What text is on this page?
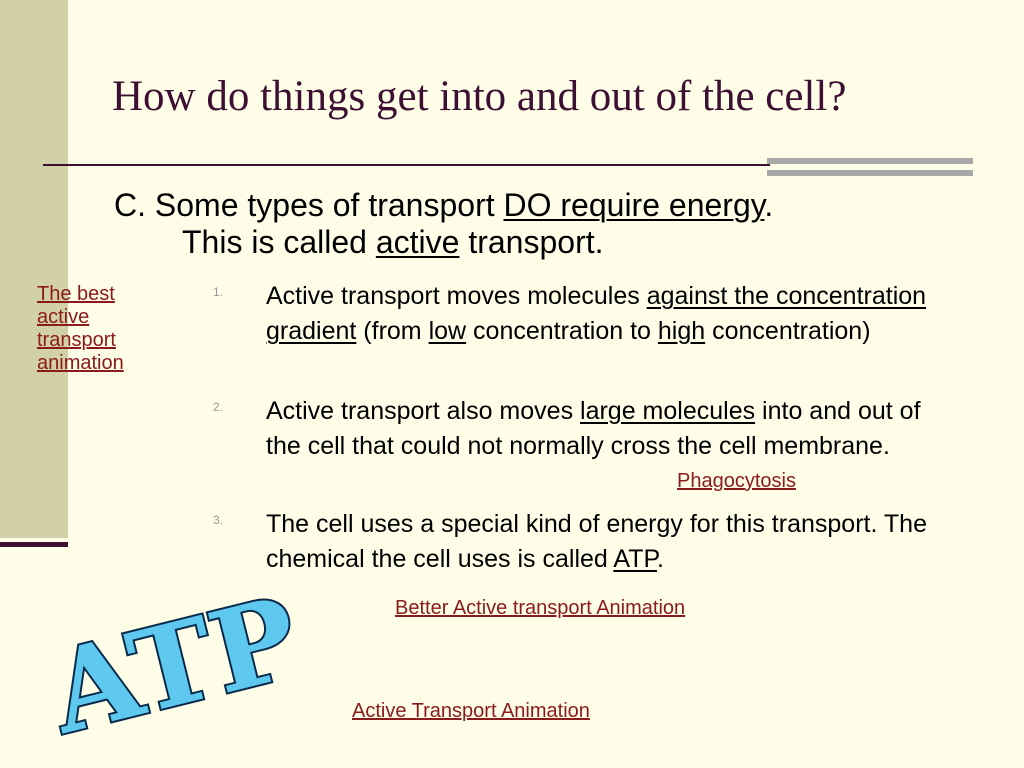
How do things get into and out of the cell?
C. Some types of transport DO require energy.
This is called active transport.
1. Active transport moves molecules against the concentration gradient (from low concentration to high concentration)
2. Active transport also moves large molecules into and out of the cell that could not normally cross the cell membrane.
3. The cell uses a special kind of energy for this transport. The chemical the cell uses is called ATP.
The best active transport animation
Phagocytosis
Better Active transport Animation
Active Transport Animation
ATP
